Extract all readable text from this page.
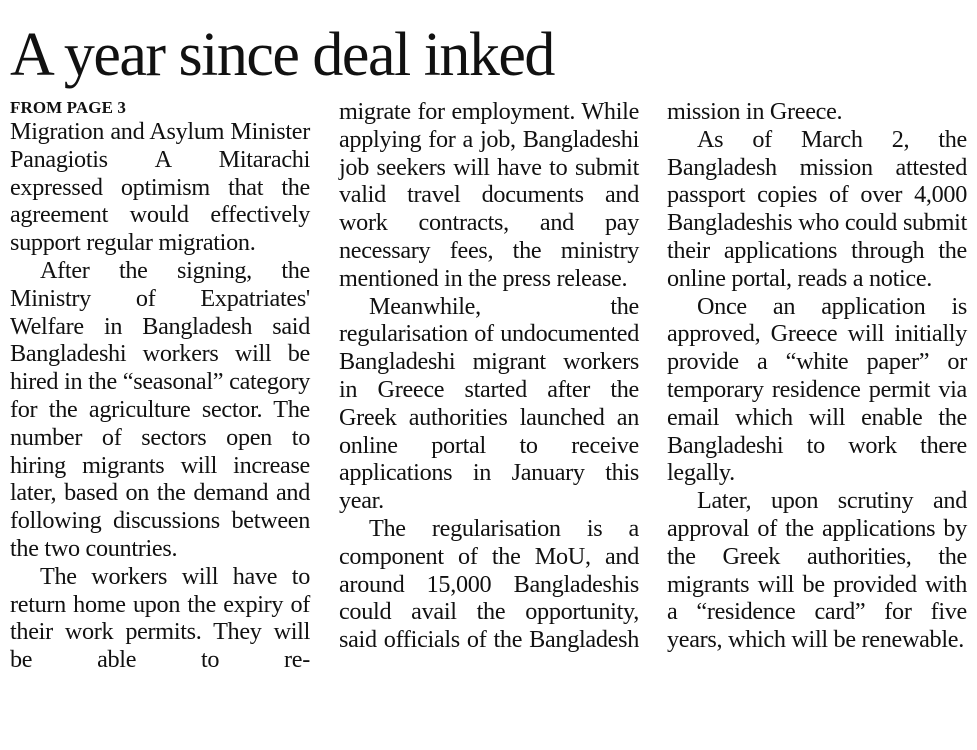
A year since deal inked
FROM PAGE 3

Migration and Asylum Minister Panagiotis A Mitarachi expressed optimism that the agreement would effectively support regular migration.

After the signing, the Ministry of Expatriates' Welfare in Bangladesh said Bangladeshi workers will be hired in the “seasonal” category for the agriculture sector. The number of sectors open to hiring migrants will increase later, based on the demand and following discussions between the two countries.

The workers will have to return home upon the expiry of their work permits. They will be able to re-

migrate for employment. While applying for a job, Bangladeshi job seekers will have to submit valid travel documents and work contracts, and pay necessary fees, the ministry mentioned in the press release.

Meanwhile, the regularisation of undocumented Bangladeshi migrant workers in Greece started after the Greek authorities launched an online portal to receive applications in January this year.

The regularisation is a component of the MoU, and around 15,000 Bangladeshis could avail the opportunity, said officials of the Bangladesh

mission in Greece.

As of March 2, the Bangladesh mission attested passport copies of over 4,000 Bangladeshis who could submit their applications through the online portal, reads a notice.

Once an application is approved, Greece will initially provide a “white paper” or temporary residence permit via email which will enable the Bangladeshi to work there legally.

Later, upon scrutiny and approval of the applications by the Greek authorities, the migrants will be provided with a “residence card” for five years, which will be renewable.
